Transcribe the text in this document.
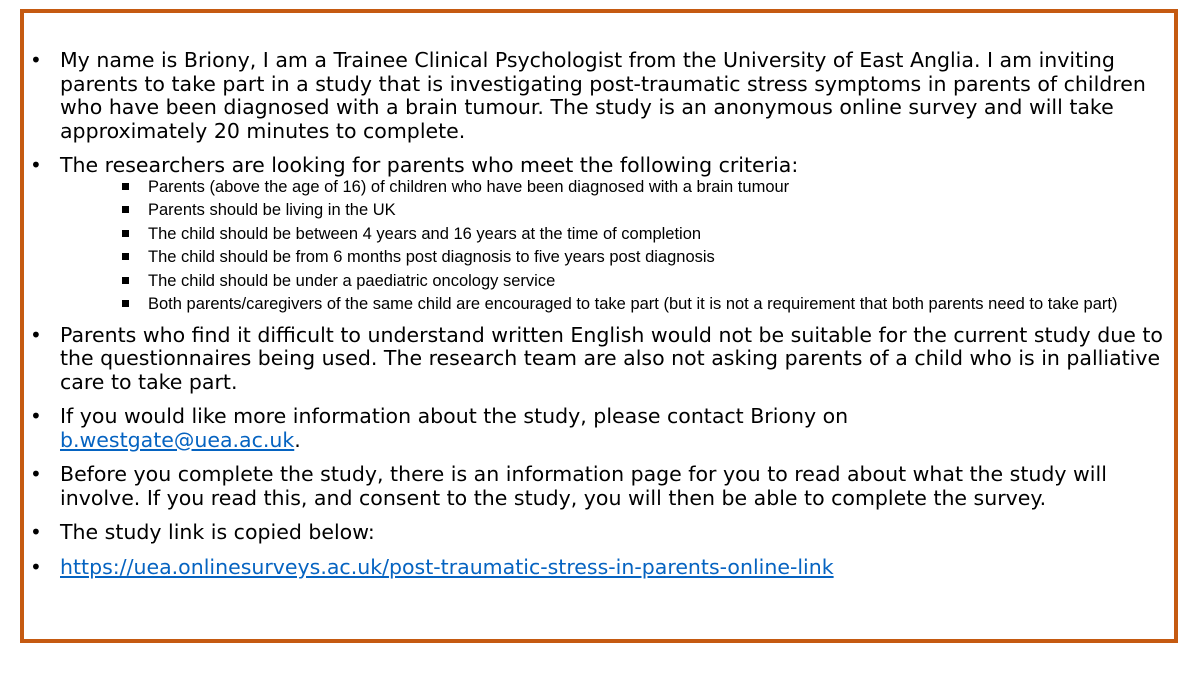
• My name is Briony, I am a Trainee Clinical Psychologist from the University of East Anglia. I am inviting parents to take part in a study that is investigating post-traumatic stress symptoms in parents of children who have been diagnosed with a brain tumour. The study is an anonymous online survey and will take approximately 20 minutes to complete.
• The researchers are looking for parents who meet the following criteria:
Parents (above the age of 16) of children who have been diagnosed with a brain tumour
Parents should be living in the UK
The child should be between 4 years and 16 years at the time of completion
The child should be from 6 months post diagnosis to five years post diagnosis
The child should be under a paediatric oncology service
Both parents/caregivers of the same child are encouraged to take part (but it is not a requirement that both parents need to take part)
• Parents who find it difficult to understand written English would not be suitable for the current study due to the questionnaires being used. The research team are also not asking parents of a child who is in palliative care to take part.
• If you would like more information about the study, please contact Briony on
b.westgate@uea.ac.uk.
• Before you complete the study, there is an information page for you to read about what the study will involve. If you read this, and consent to the study, you will then be able to complete the survey.
• The study link is copied below:
• https://uea.onlinesurveys.ac.uk/post-traumatic-stress-in-parents-online-link
